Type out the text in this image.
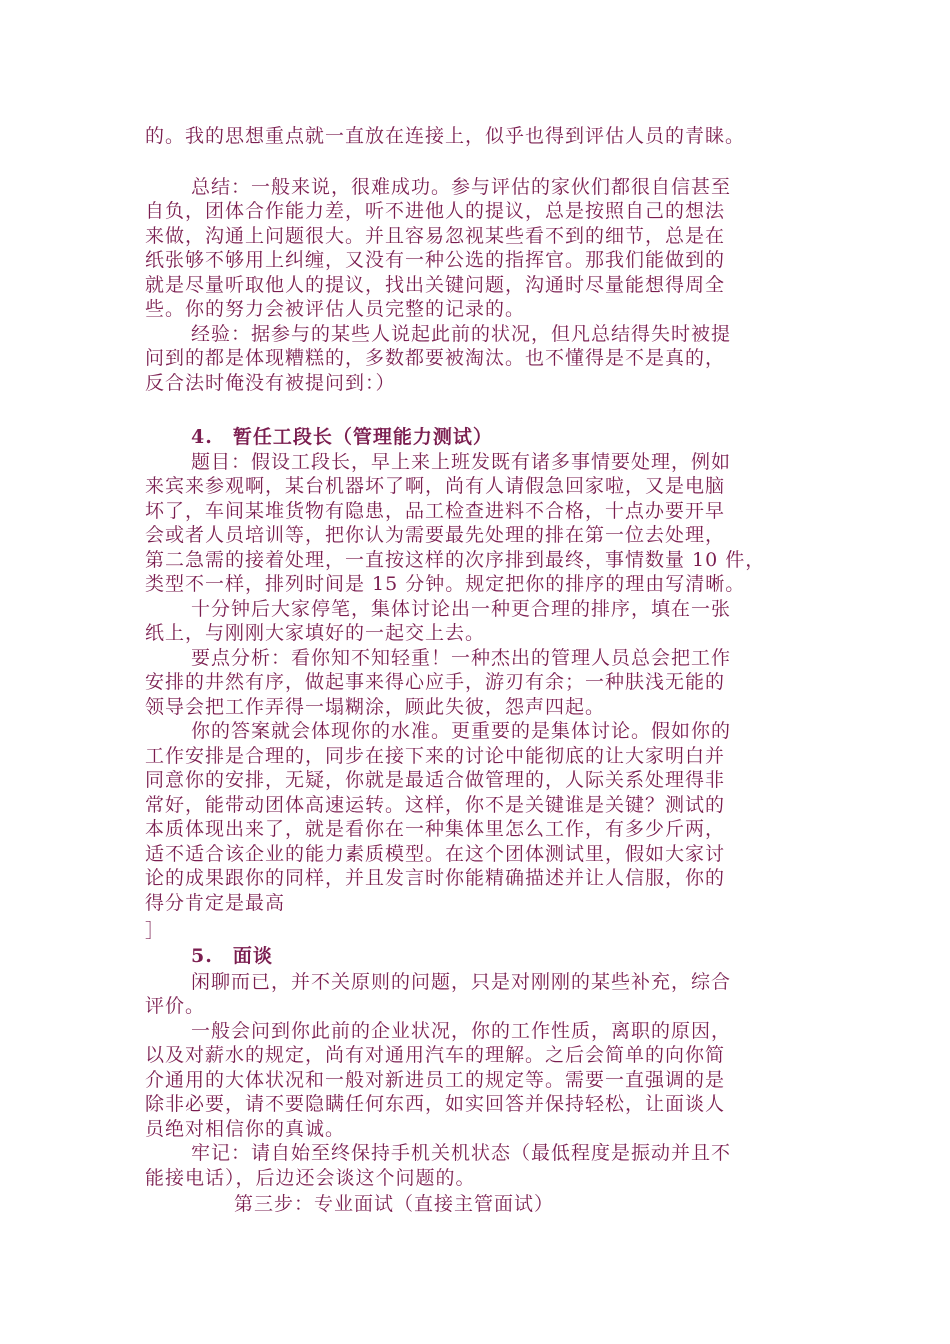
的。我的思想重点就一直放在连接上，似乎也得到评估人员的青睐。
总结：一般来说，很难成功。参与评估的家伙们都很自信甚至
自负，团体合作能力差，听不进他人的提议，总是按照自己的想法
来做，沟通上问题很大。并且容易忽视某些看不到的细节，总是在
纸张够不够用上纠缠，又没有一种公选的指挥官。那我们能做到的
就是尽量听取他人的提议，找出关键问题，沟通时尽量能想得周全
些。你的努力会被评估人员完整的记录的。
经验：据参与的某些人说起此前的状况，但凡总结得失时被提
问到的都是体现糟糕的，多数都要被淘汰。也不懂得是不是真的，
反合法时俺没有被提问到：）
4.　暂任工段长（管理能力测试）
题目：假设工段长，早上来上班发既有诸多事情要处理，例如
来宾来参观啊，某台机器坏了啊，尚有人请假急回家啦，又是电脑
坏了，车间某堆货物有隐患，品工检查进料不合格，十点办要开早
会或者人员培训等，把你认为需要最先处理的排在第一位去处理，
第二急需的接着处理，一直按这样的次序排到最终，事情数量 10 件，
类型不一样，排列时间是 15 分钟。规定把你的排序的理由写清晰。
十分钟后大家停笔，集体讨论出一种更合理的排序，填在一张
纸上，与刚刚大家填好的一起交上去。
要点分析：看你知不知轻重！一种杰出的管理人员总会把工作
安排的井然有序，做起事来得心应手，游刃有余；一种肤浅无能的
领导会把工作弄得一塌糊涂，顾此失彼，怨声四起。
你的答案就会体现你的水准。更重要的是集体讨论。假如你的
工作安排是合理的，同步在接下来的讨论中能彻底的让大家明白并
同意你的安排，无疑，你就是最适合做管理的，人际关系处理得非
常好，能带动团体高速运转。这样，你不是关键谁是关键？测试的
本质体现出来了，就是看你在一种集体里怎么工作，有多少斤两，
适不适合该企业的能力素质模型。在这个团体测试里，假如大家讨
论的成果跟你的同样，并且发言时你能精确描述并让人信服，你的
得分肯定是最高
］
5.　面谈
闲聊而已，并不关原则的问题，只是对刚刚的某些补充，综合
评价。
一般会问到你此前的企业状况，你的工作性质，离职的原因，
以及对薪水的规定，尚有对通用汽车的理解。之后会简单的向你简
介通用的大体状况和一般对新进员工的规定等。需要一直强调的是
除非必要，请不要隐瞒任何东西，如实回答并保持轻松，让面谈人
员绝对相信你的真诚。
牢记：请自始至终保持手机关机状态（最低程度是振动并且不
能接电话），后边还会谈这个问题的。
第三步：专业面试（直接主管面试）
